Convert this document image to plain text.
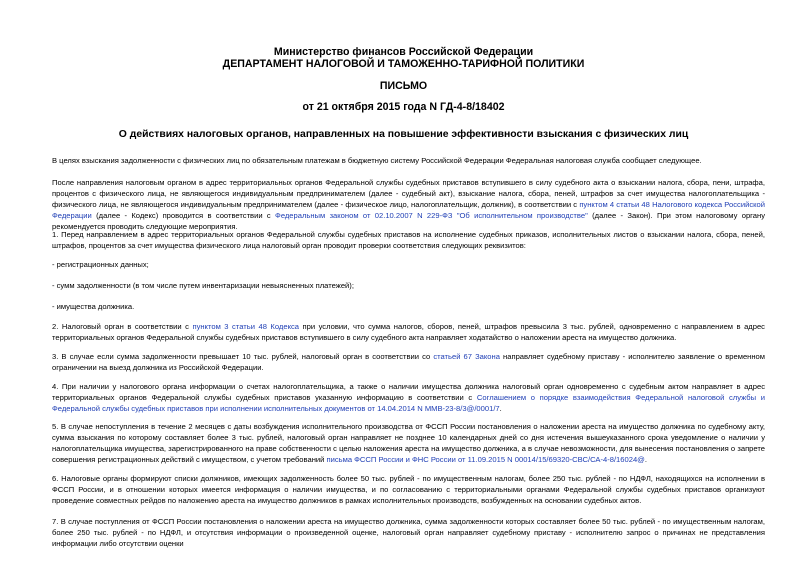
Министерство финансов Российской Федерации
ДЕПАРТАМЕНТ НАЛОГОВОЙ И ТАМОЖЕННО-ТАРИФНОЙ ПОЛИТИКИ
ПИСЬМО
от 21 октября 2015 года N ГД-4-8/18402
О действиях налоговых органов, направленных на повышение эффективности взыскания с физических лиц

В целях взыскания задолженности с физических лиц по обязательным платежам в бюджетную систему Российской Федерации Федеральная налоговая служба сообщает следующее.

После направления налоговым органом в адрес территориальных органов Федеральной службы судебных приставов вступившего в силу судебного акта о взыскании налога, сбора, пени, штрафа, процентов с физического лица, не являющегося индивидуальным предпринимателем (далее - судебный акт), взыскание налога, сбора, пеней, штрафов за счет имущества налогоплательщика - физического лица, не являющегося индивидуальным предпринимателем (далее - физическое лицо, налогоплательщик, должник), в соответствии с пунктом 4 статьи 48 Налогового кодекса Российской Федерации (далее - Кодекс) проводится в соответствии с Федеральным законом от 02.10.2007 N 229-ФЗ "Об исполнительном производстве" (далее - Закон). При этом налоговому органу рекомендуется проводить следующие мероприятия.

1. Перед направлением в адрес территориальных органов Федеральной службы судебных приставов на исполнение судебных приказов, исполнительных листов о взыскании налога, сбора, пеней, штрафов, процентов за счет имущества физического лица налоговый орган проводит проверки соответствия следующих реквизитов:

- регистрационных данных;

- сумм задолженности (в том числе путем инвентаризации невыясненных платежей);

- имущества должника.

2. Налоговый орган в соответствии с пунктом 3 статьи 48 Кодекса при условии, что сумма налогов, сборов, пеней, штрафов превысила 3 тыс. рублей, одновременно с направлением в адрес территориальных органов Федеральной службы судебных приставов вступившего в силу судебного акта направляет ходатайство о наложении ареста на имущество должника.

3. В случае если сумма задолженности превышает 10 тыс. рублей, налоговый орган в соответствии со статьей 67 Закона направляет судебному приставу - исполнителю заявление о временном ограничении на выезд должника из Российской Федерации.

4. При наличии у налогового органа информации о счетах налогоплательщика, а также о наличии имущества должника налоговый орган одновременно с судебным актом направляет в адрес территориальных органов Федеральной службы судебных приставов указанную информацию в соответствии с Соглашением о порядке взаимодействия Федеральной налоговой службы и Федеральной службы судебных приставов при исполнении исполнительных документов от 14.04.2014 N ММВ-23-8/3@/0001/7.

5. В случае непоступления в течение 2 месяцев с даты возбуждения исполнительного производства от ФССП России постановления о наложении ареста на имущество должника по судебному акту, сумма взыскания по которому составляет более 3 тыс. рублей, налоговый орган направляет не позднее 10 календарных дней со дня истечения вышеуказанного срока уведомление о наличии у налогоплательщика имущества, зарегистрированного на праве собственности с целью наложения ареста на имущество должника, а в случае невозможности, для вынесения постановления о запрете совершения регистрационных действий с имуществом, с учетом требований письма ФССП России и ФНС России от 11.09.2015 N 00014/15/69320-СВС/СА-4-8/16024@.

6. Налоговые органы формируют списки должников, имеющих задолженность более 50 тыс. рублей - по имущественным налогам, более 250 тыс. рублей - по НДФЛ, находящихся на исполнении в ФССП России, и в отношении которых имеется информация о наличии имущества, и по согласованию с территориальными органами Федеральной службы судебных приставов организуют проведение совместных рейдов по наложению ареста на имущество должников в рамках исполнительных производств, возбужденных на основании судебных актов.

7. В случае поступления от ФССП России постановления о наложении ареста на имущество должника, сумма задолженности которых составляет более 50 тыс. рублей - по имущественным налогам, более 250 тыс. рублей - по НДФЛ, и отсутствия информации о произведенной оценке, налоговый орган направляет судебному приставу - исполнителю запрос о причинах не представления информации либо отсутствии оценки
